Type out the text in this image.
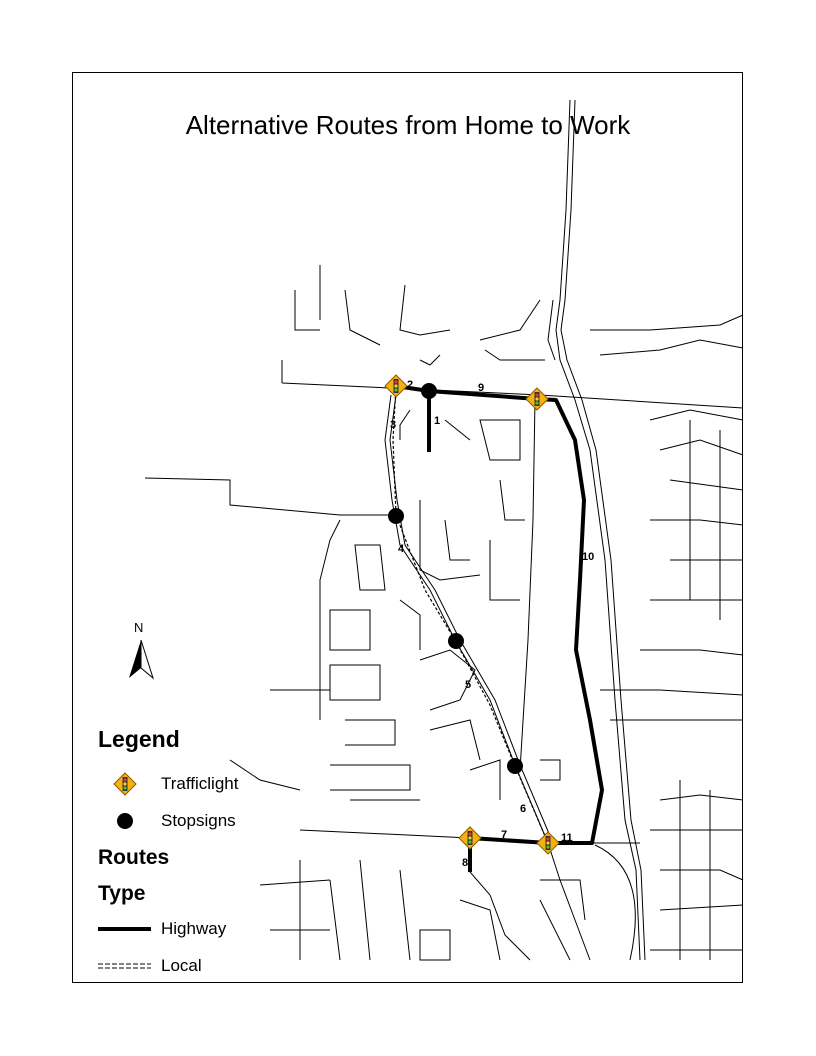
1
2
3
4
5
6
7
8
9
10
11
Alternative Routes from Home to Work
N
Legend
Trafficlight
Stopsigns
Routes
Type
Highway
Local
